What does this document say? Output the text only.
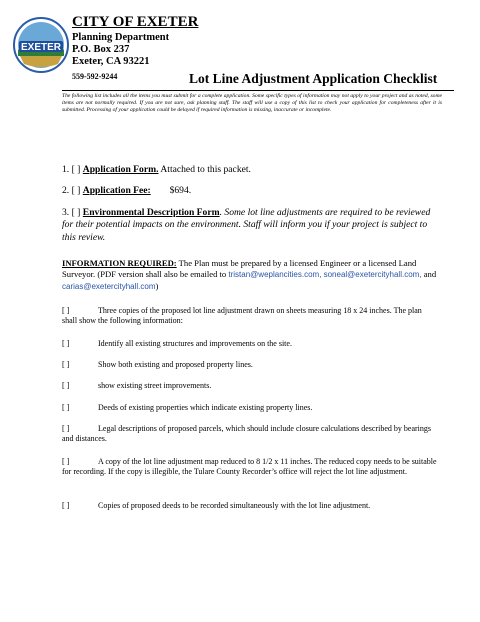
EXETER
CITY OF EXETER
Planning Department
P.O. Box 237
Exeter, CA 93221
559-592-9244	Lot Line Adjustment Application Checklist
The following list includes all the items you must submit for a complete application. Some specific types of information may not apply to your project and as noted, some items are not normally required. If you are not sure, ask planning staff. The staff will use a copy of this list to check your application for completeness after it is submitted. Processing of your application could be delayed if required information is missing, inaccurate or incomplete.
1. [ ] Application Form. Attached to this packet.
2. [ ] Application Fee: $694.
3. [ ] Environmental Description Form. Some lot line adjustments are required to be reviewed for their potential impacts on the environment. Staff will inform you if your project is subject to this review.
INFORMATION REQUIRED: The Plan must be prepared by a licensed Engineer or a licensed Land Surveyor. (PDF version shall also be emailed to tristan@weplancities.com, soneal@exetercityhall.com, and carias@exetercityhall.com)
[ ]	Three copies of the proposed lot line adjustment drawn on sheets measuring 18 x 24 inches. The plan shall show the following information:
[ ]	Identify all existing structures and improvements on the site.
[ ]	Show both existing and proposed property lines.
[ ]	show existing street improvements.
[ ]	Deeds of existing properties which indicate existing property lines.
[ ]	Legal descriptions of proposed parcels, which should include closure calculations described by bearings and distances.
[ ]	A copy of the lot line adjustment map reduced to 8 1/2 x 11 inches. The reduced copy needs to be suitable for recording. If the copy is illegible, the Tulare County Recorder’s office will reject the lot line adjustment.
[ ]	Copies of proposed deeds to be recorded simultaneously with the lot line adjustment.
